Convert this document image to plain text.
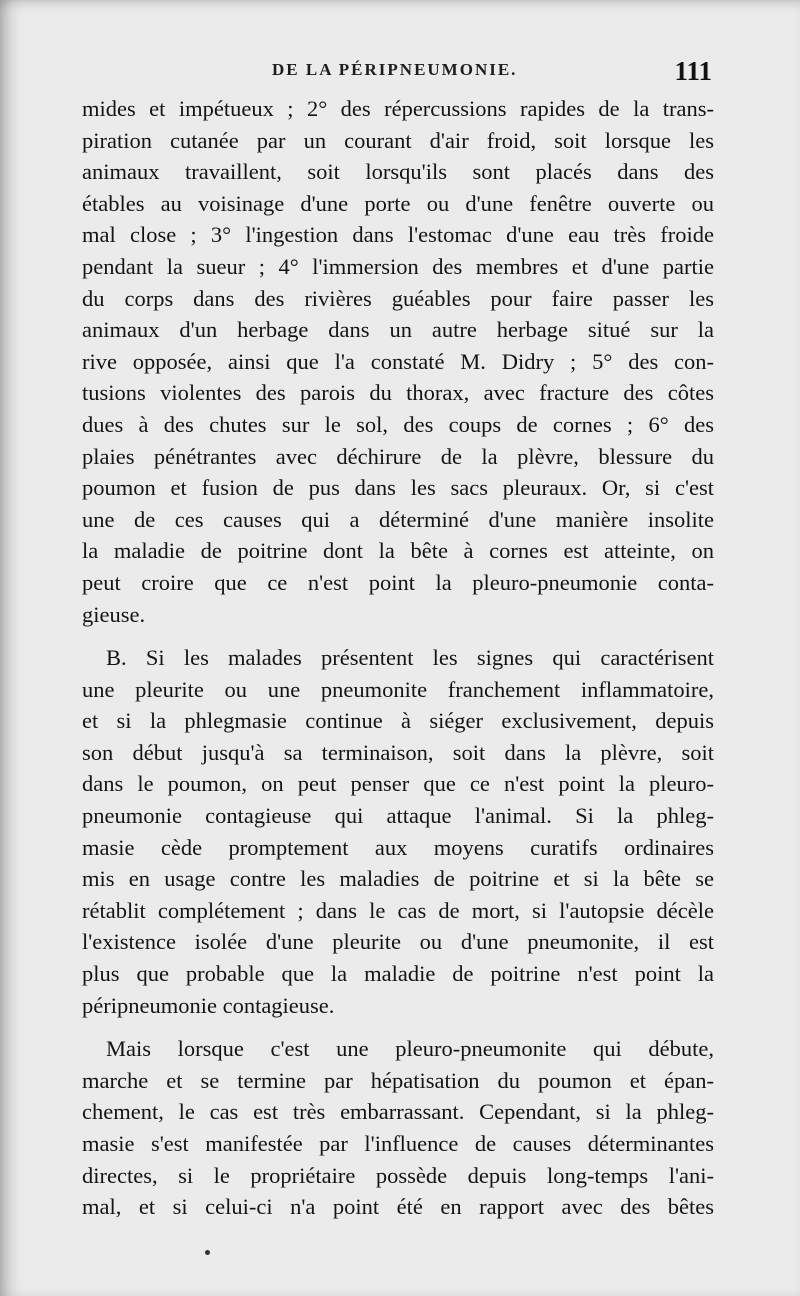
DE LA PÉRIPNEUMONIE.	111
mides et impétueux ; 2° des répercussions rapides de la trans-
piration cutanée par un courant d'air froid, soit lorsque les
animaux travaillent, soit lorsqu'ils sont placés dans des
étables au voisinage d'une porte ou d'une fenêtre ouverte ou
mal close ; 3° l'ingestion dans l'estomac d'une eau très froide
pendant la sueur ; 4° l'immersion des membres et d'une partie
du corps dans des rivières guéables pour faire passer les
animaux d'un herbage dans un autre herbage situé sur la
rive opposée, ainsi que l'a constaté M. Didry ; 5° des con-
tusions violentes des parois du thorax, avec fracture des côtes
dues à des chutes sur le sol, des coups de cornes ; 6° des
plaies pénétrantes avec déchirure de la plèvre, blessure du
poumon et fusion de pus dans les sacs pleuraux. Or, si c'est
une de ces causes qui a déterminé d'une manière insolite
la maladie de poitrine dont la bête à cornes est atteinte, on
peut croire que ce n'est point la pleuro-pneumonie conta-
gieuse.
B. Si les malades présentent les signes qui caractérisent
une pleurite ou une pneumonite franchement inflammatoire,
et si la phlegmasie continue à siéger exclusivement, depuis
son début jusqu'à sa terminaison, soit dans la plèvre, soit
dans le poumon, on peut penser que ce n'est point la pleuro-
pneumonie contagieuse qui attaque l'animal. Si la phleg-
masie cède promptement aux moyens curatifs ordinaires
mis en usage contre les maladies de poitrine et si la bête se
rétablit complétement ; dans le cas de mort, si l'autopsie décèle
l'existence isolée d'une pleurite ou d'une pneumonite, il est
plus que probable que la maladie de poitrine n'est point la
péripneumonie contagieuse.
Mais lorsque c'est une pleuro-pneumonite qui débute,
marche et se termine par hépatisation du poumon et épan-
chement, le cas est très embarrassant. Cependant, si la phleg-
masie s'est manifestée par l'influence de causes déterminantes
directes, si le propriétaire possède depuis long-temps l'ani-
mal, et si celui-ci n'a point été en rapport avec des bêtes
